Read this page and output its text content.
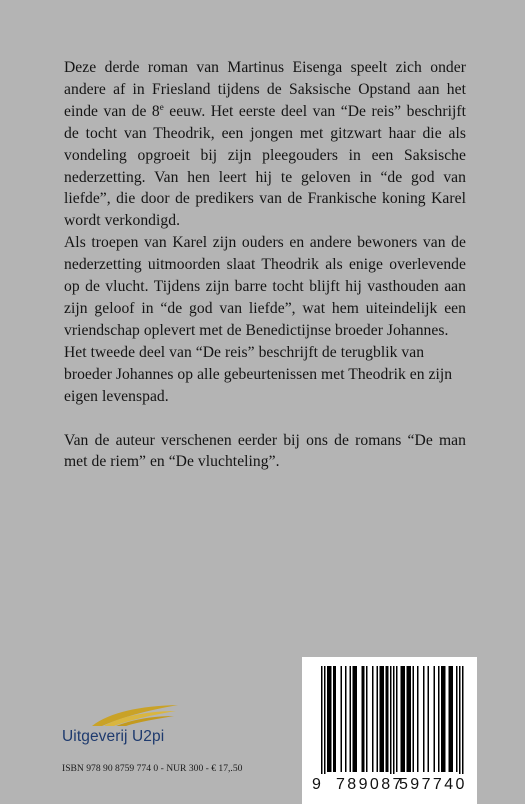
Deze derde roman van Martinus Eisenga speelt zich onder andere af in Friesland tijdens de Saksische Opstand aan het einde van de 8e eeuw. Het eerste deel van “De reis” beschrijft de tocht van Theodrik, een jongen met gitzwart haar die als vondeling opgroeit bij zijn pleegouders in een Saksische nederzetting. Van hen leert hij te geloven in “de god van liefde”, die door de predikers van de Frankische koning Karel wordt verkondigd.

Als troepen van Karel zijn ouders en andere bewoners van de nederzetting uitmoorden slaat Theodrik als enige overlevende op de vlucht. Tijdens zijn barre tocht blijft hij vasthouden aan zijn geloof in “de god van liefde”, wat hem uiteindelijk een vriendschap oplevert met de Benedictijnse broeder Johannes.

Het tweede deel van “De reis” beschrijft de terugblik van broeder Johannes op alle gebeurtenissen met Theodrik en zijn eigen levenspad.

Van de auteur verschenen eerder bij ons de romans “De man met de riem” en “De vluchteling”.

Uitgeverij U2pi
ISBN 978 90 8759 774 0 - NUR 300 - € 17,.50
9 789087
597740
